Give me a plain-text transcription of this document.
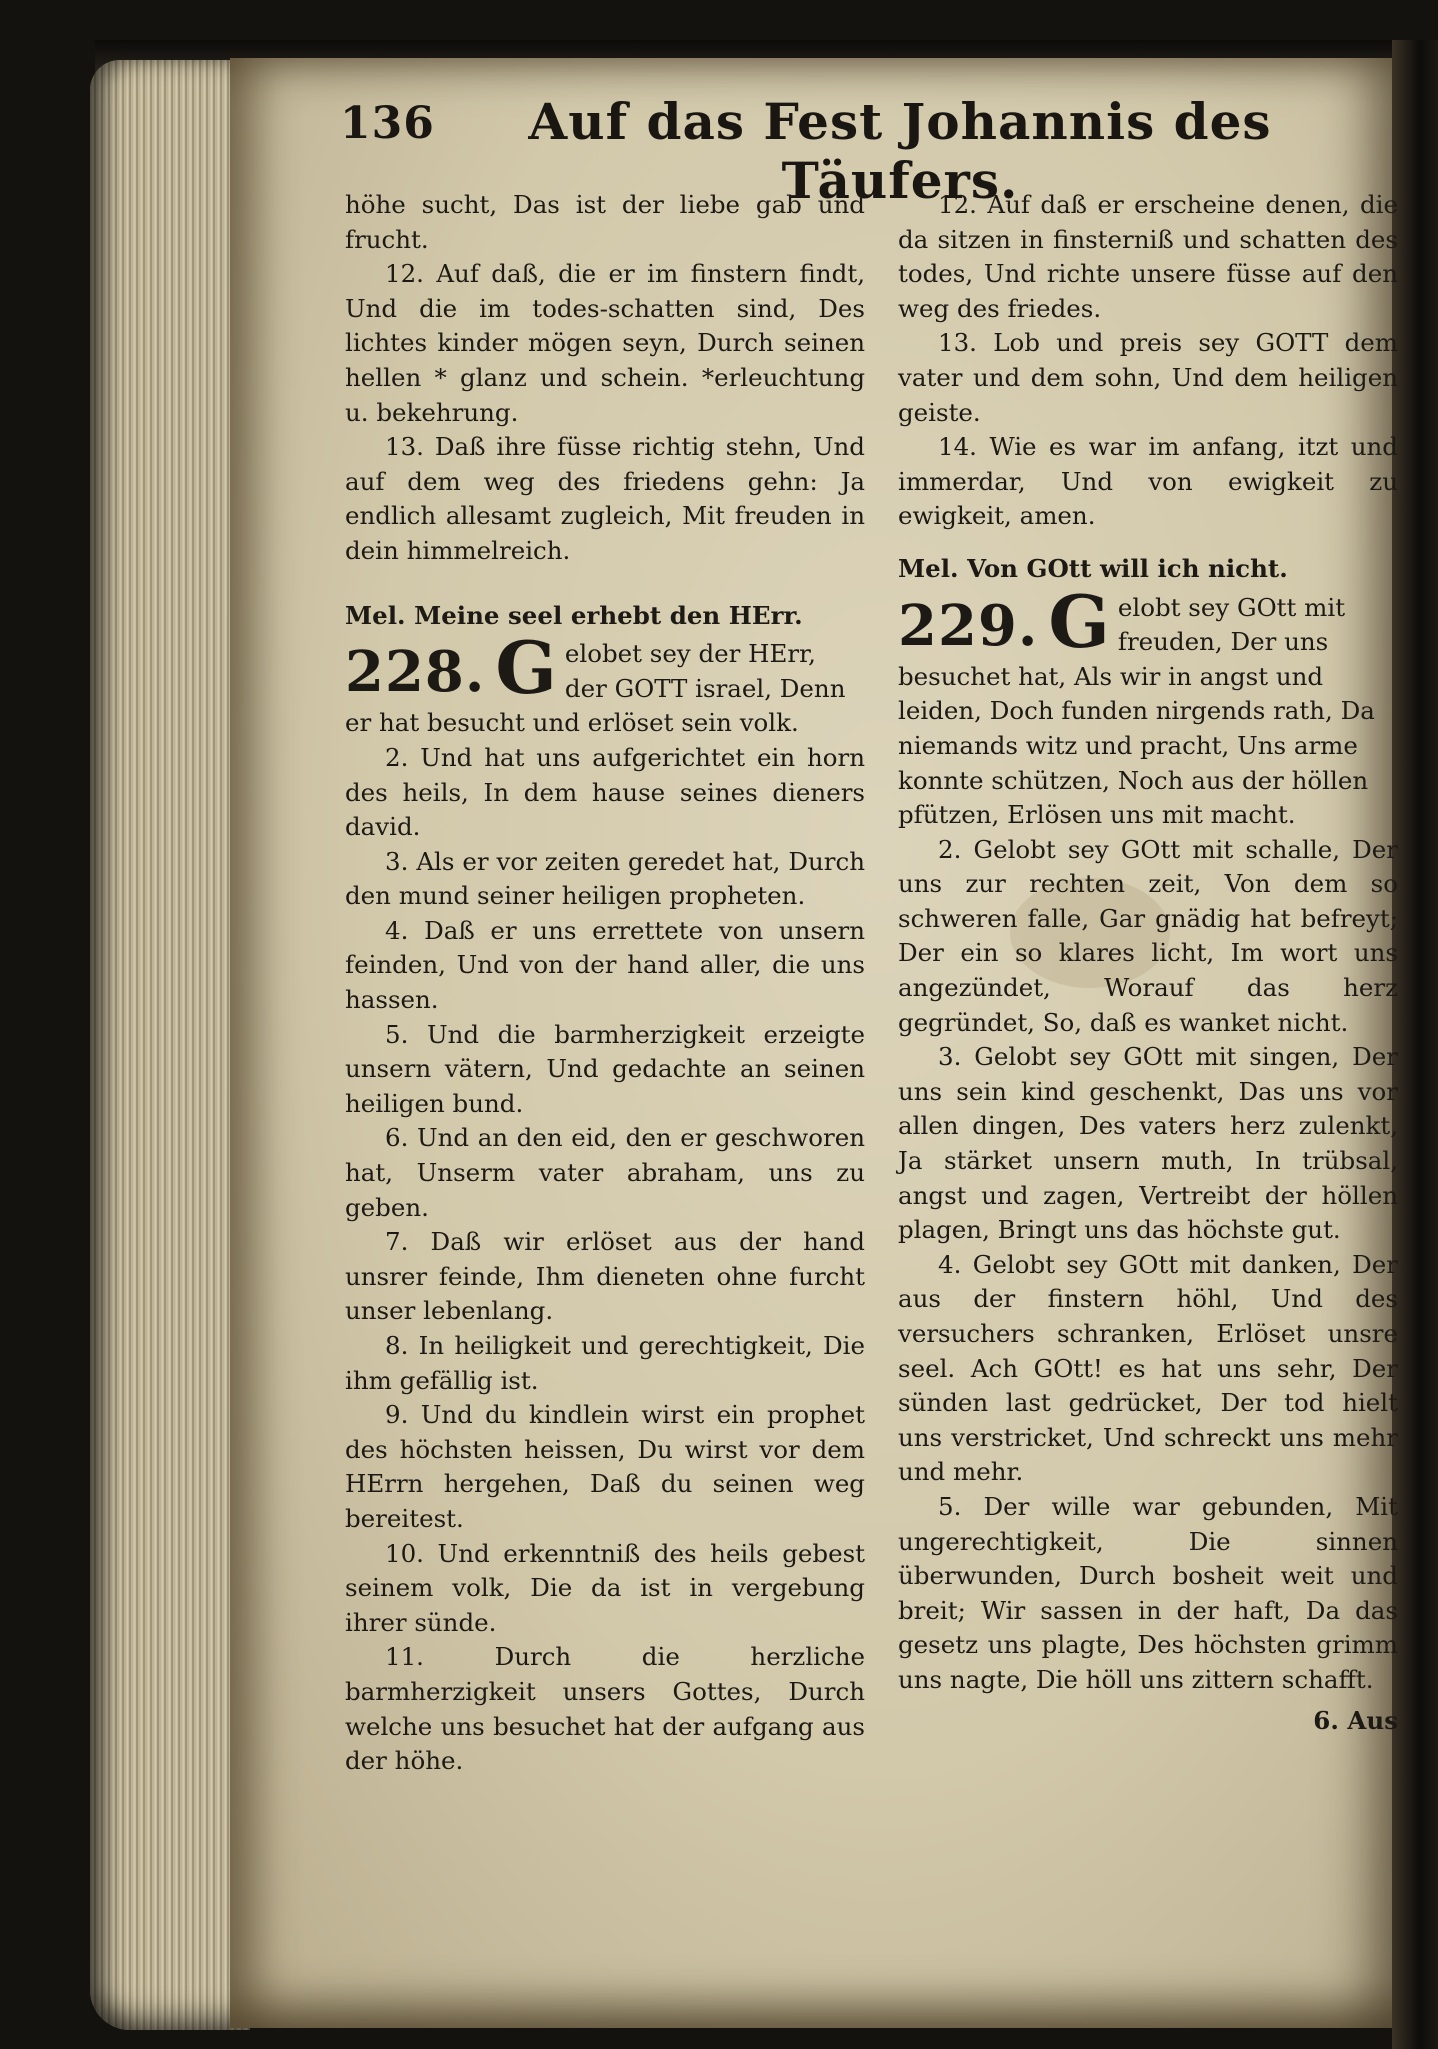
136 Auf das Fest Johannis des Täufers.

höhe sucht, Das ist der liebe gab und frucht.

12. Auf daß, die er im finstern findt, Und die im todes-schatten sind, Des lichtes kinder mögen seyn, Durch seinen hellen * glanz und schein. *erleuchtung u. bekehrung.

13. Daß ihre füsse richtig stehn, Und auf dem weg des friedens gehn: Ja endlich allesamt zugleich, Mit freuden in dein himmelreich.

Mel. Meine seel erhebt den HErr.

228. G elobet sey der HErr, der GOTT israel, Denn er hat besucht und erlöset sein volk.

2. Und hat uns aufgerichtet ein horn des heils, In dem hause seines dieners david.

3. Als er vor zeiten geredet hat, Durch den mund seiner heiligen propheten.

4. Daß er uns errettete von unsern feinden, Und von der hand aller, die uns hassen.

5. Und die barmherzigkeit erzeigte unsern vätern, Und gedachte an seinen heiligen bund.

6. Und an den eid, den er geschworen hat, Unserm vater abraham, uns zu geben.

7. Daß wir erlöset aus der hand unsrer feinde, Ihm dieneten ohne furcht unser lebenlang.

8. In heiligkeit und gerechtigkeit, Die ihm gefällig ist.

9. Und du kindlein wirst ein prophet des höchsten heissen, Du wirst vor dem HErrn hergehen, Daß du seinen weg bereitest.

10. Und erkenntniß des heils gebest seinem volk, Die da ist in vergebung ihrer sünde.

11. Durch die herzliche barmherzigkeit unsers Gottes, Durch welche uns besuchet hat der aufgang aus der höhe.

12. Auf daß er erscheine denen, die da sitzen in finsterniß und schatten des todes, Und richte unsere füsse auf den weg des friedes.

13. Lob und preis sey GOTT dem vater und dem sohn, Und dem heiligen geiste.

14. Wie es war im anfang, itzt und immerdar, Und von ewigkeit zu ewigkeit, amen.

Mel. Von GOtt will ich nicht.

229. G elobt sey GOtt mit freuden, Der uns besuchet hat, Als wir in angst und leiden, Doch funden nirgends rath, Da niemands witz und pracht, Uns arme konnte schützen, Noch aus der höllen pfützen, Erlösen uns mit macht.

2. Gelobt sey GOtt mit schalle, Der uns zur rechten zeit, Von dem so schweren falle, Gar gnädig hat befreyt; Der ein so klares licht, Im wort uns angezündet, Worauf das herz gegründet, So, daß es wanket nicht.

3. Gelobt sey GOtt mit singen, Der uns sein kind geschenkt, Das uns vor allen dingen, Des vaters herz zulenkt, Ja stärket unsern muth, In trübsal, angst und zagen, Vertreibt der höllen plagen, Bringt uns das höchste gut.

4. Gelobt sey GOtt mit danken, Der aus der finstern höhl, Und des versuchers schranken, Erlöset unsre seel. Ach GOtt! es hat uns sehr, Der sünden last gedrücket, Der tod hielt uns verstricket, Und schreckt uns mehr und mehr.

5. Der wille war gebunden, Mit ungerechtigkeit, Die sinnen überwunden, Durch bosheit weit und breit; Wir sassen in der haft, Da das gesetz uns plagte, Des höchsten grimm uns nagte, Die höll uns zittern schafft.

6. Aus
